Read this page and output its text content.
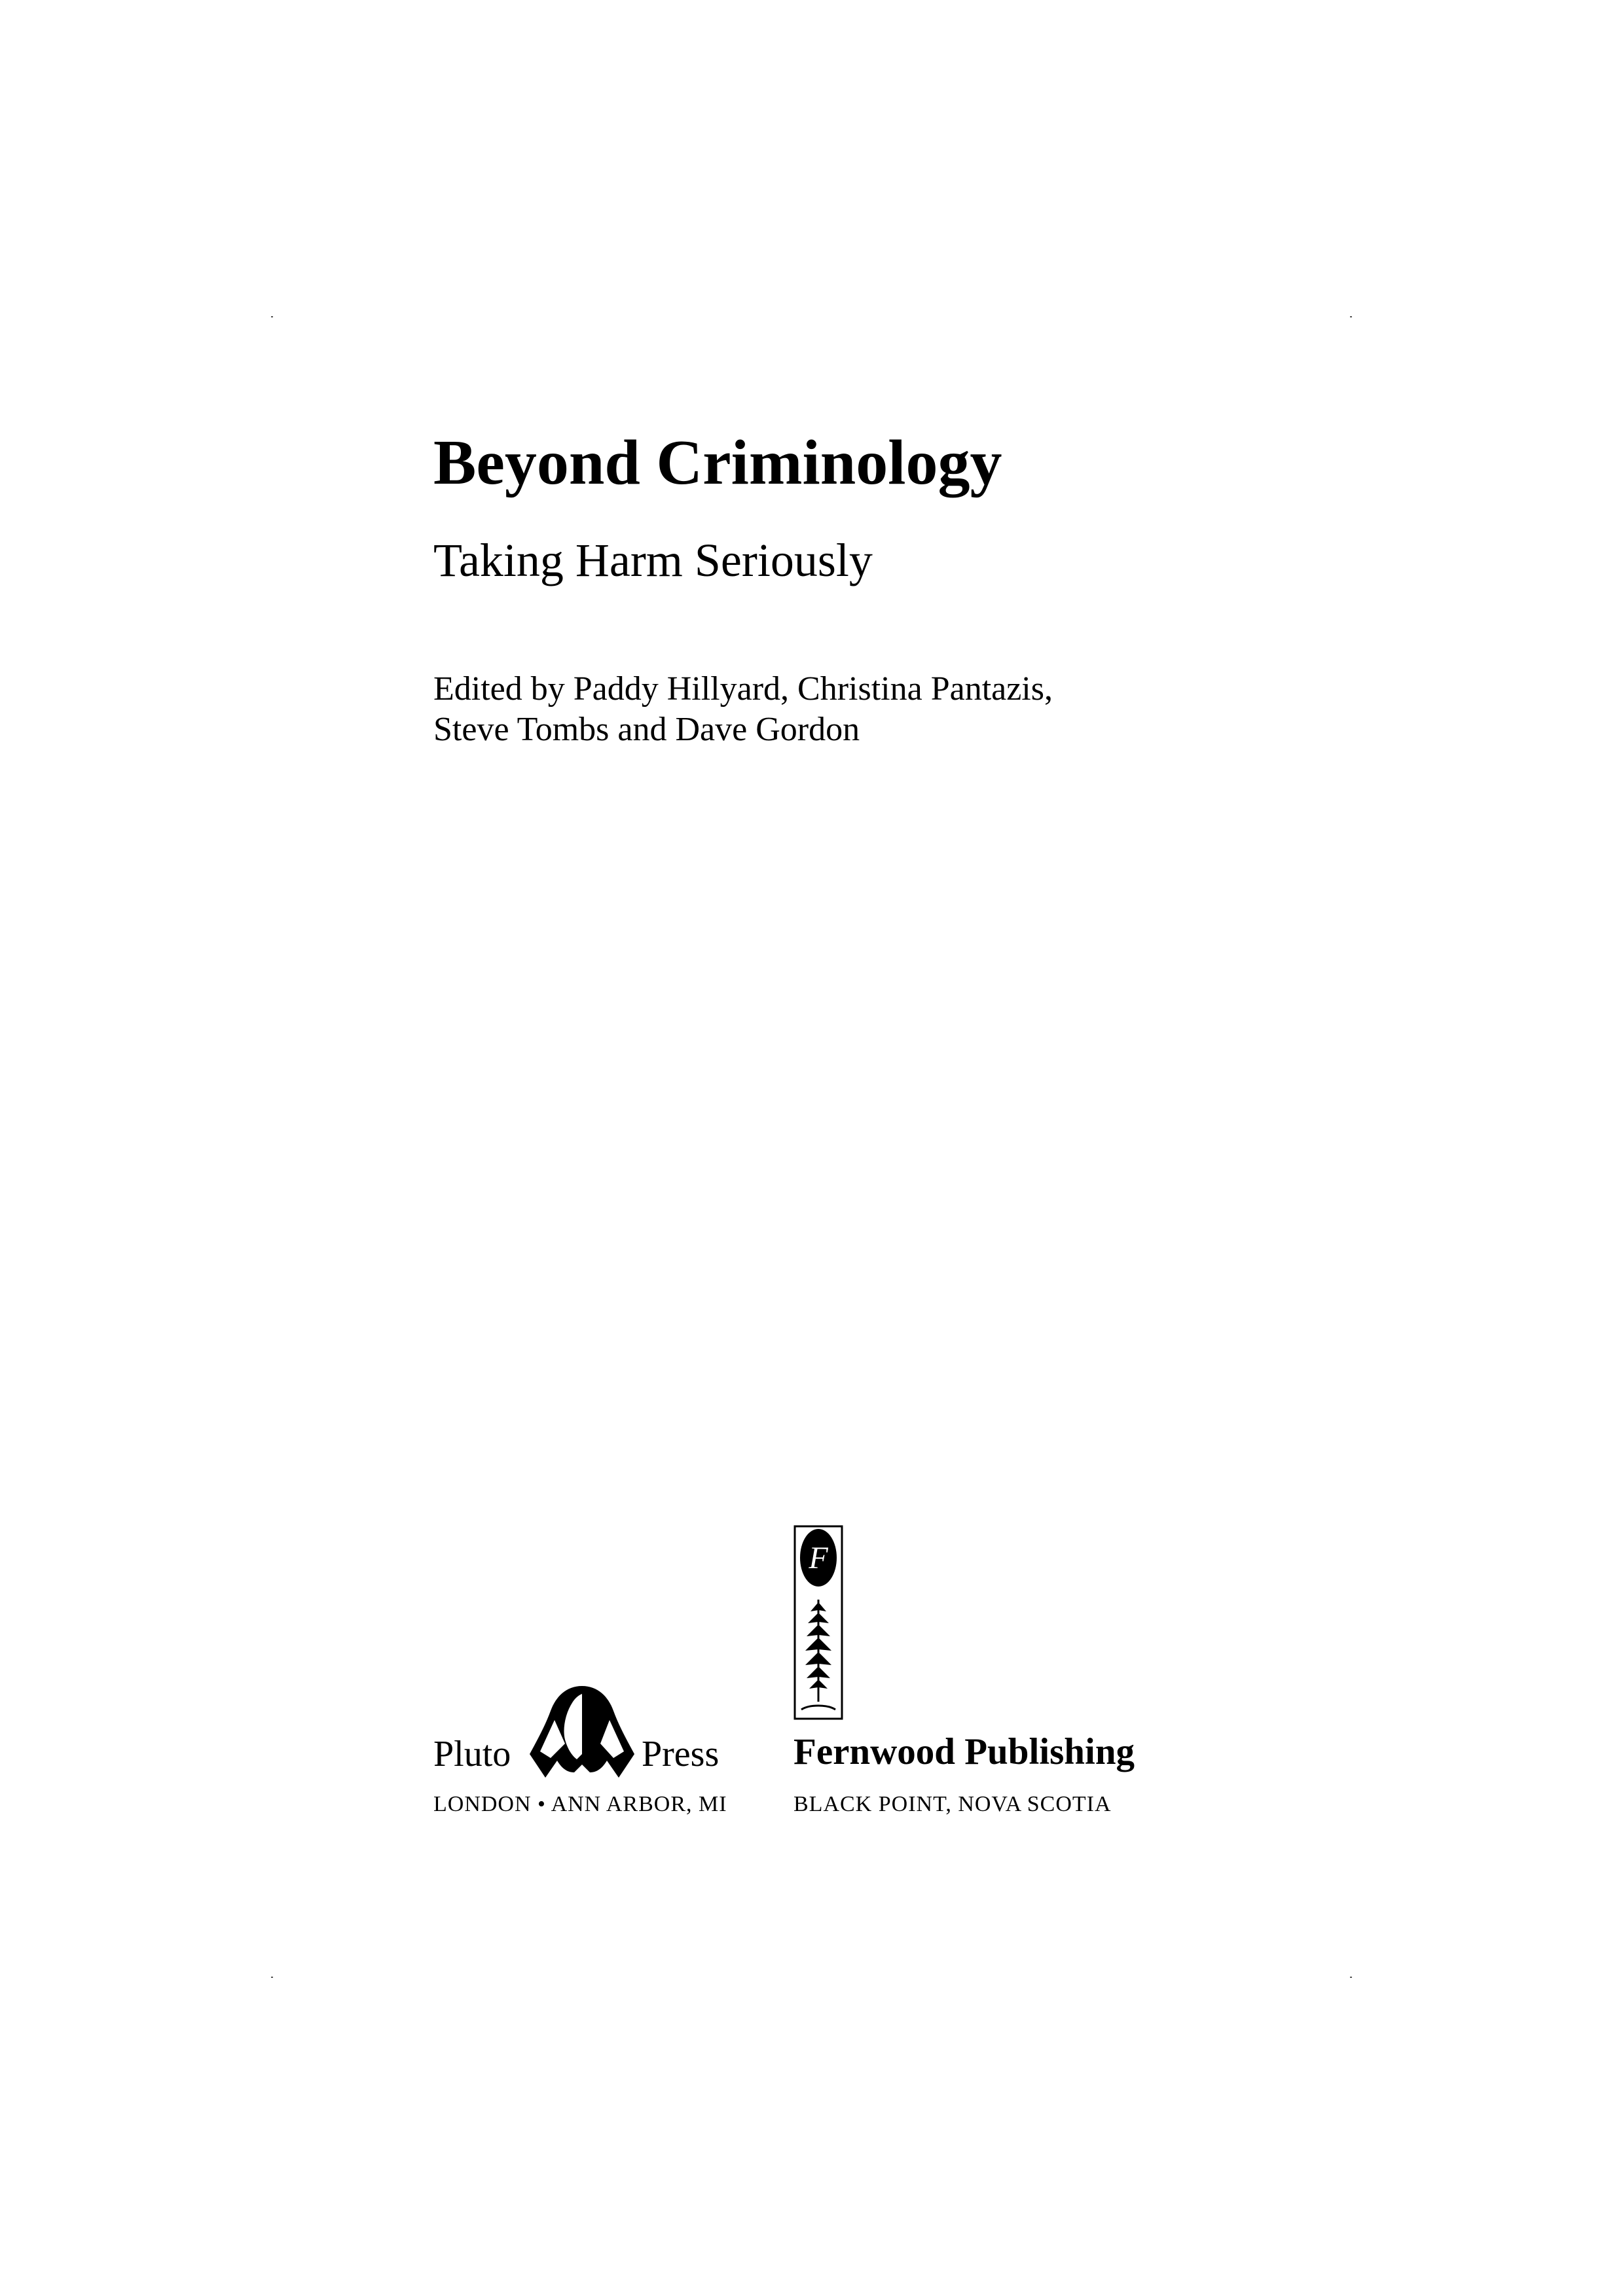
Beyond Criminology
Taking Harm Seriously

Edited by Paddy Hillyard, Christina Pantazis,
Steve Tombs and Dave Gordon

Pluto	Press
LONDON • ANN ARBOR, MI
F
Fernwood Publishing
BLACK POINT, NOVA SCOTIA
